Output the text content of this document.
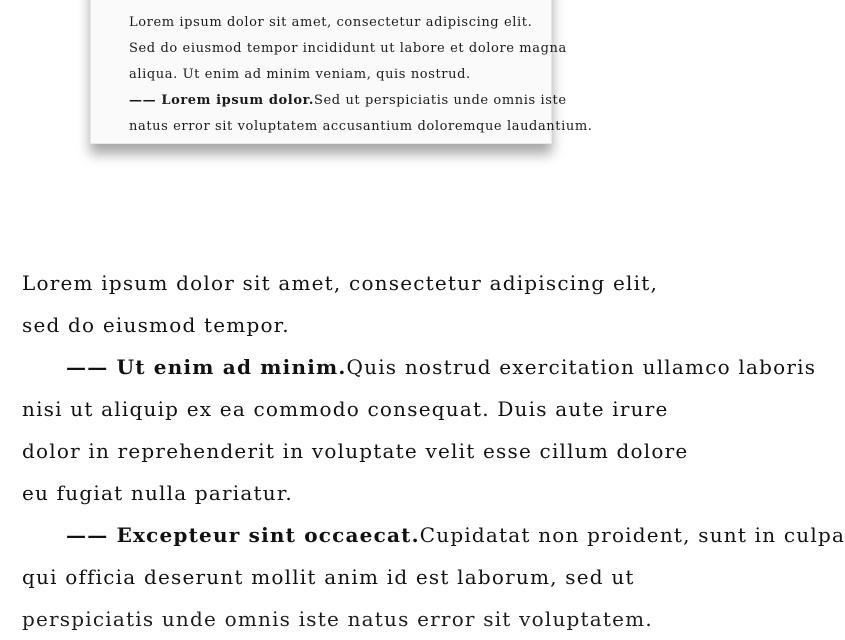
Lorem ipsum dolor sit amet, consectetur adipiscing elit.
Sed do eiusmod tempor incididunt ut labore et dolore magna
aliqua. Ut enim ad minim veniam, quis nostrud.
—— Lorem ipsum dolor.Sed ut perspiciatis unde omnis iste
natus error sit voluptatem accusantium doloremque laudantium.
Lorem ipsum dolor sit amet, consectetur adipiscing elit,
sed do eiusmod tempor.
—— Ut enim ad minim.Quis nostrud exercitation ullamco laboris
nisi ut aliquip ex ea commodo consequat. Duis aute irure
dolor in reprehenderit in voluptate velit esse cillum dolore
eu fugiat nulla pariatur.
—— Excepteur sint occaecat.Cupidatat non proident, sunt in culpa
qui officia deserunt mollit anim id est laborum, sed ut
perspiciatis unde omnis iste natus error sit voluptatem.
